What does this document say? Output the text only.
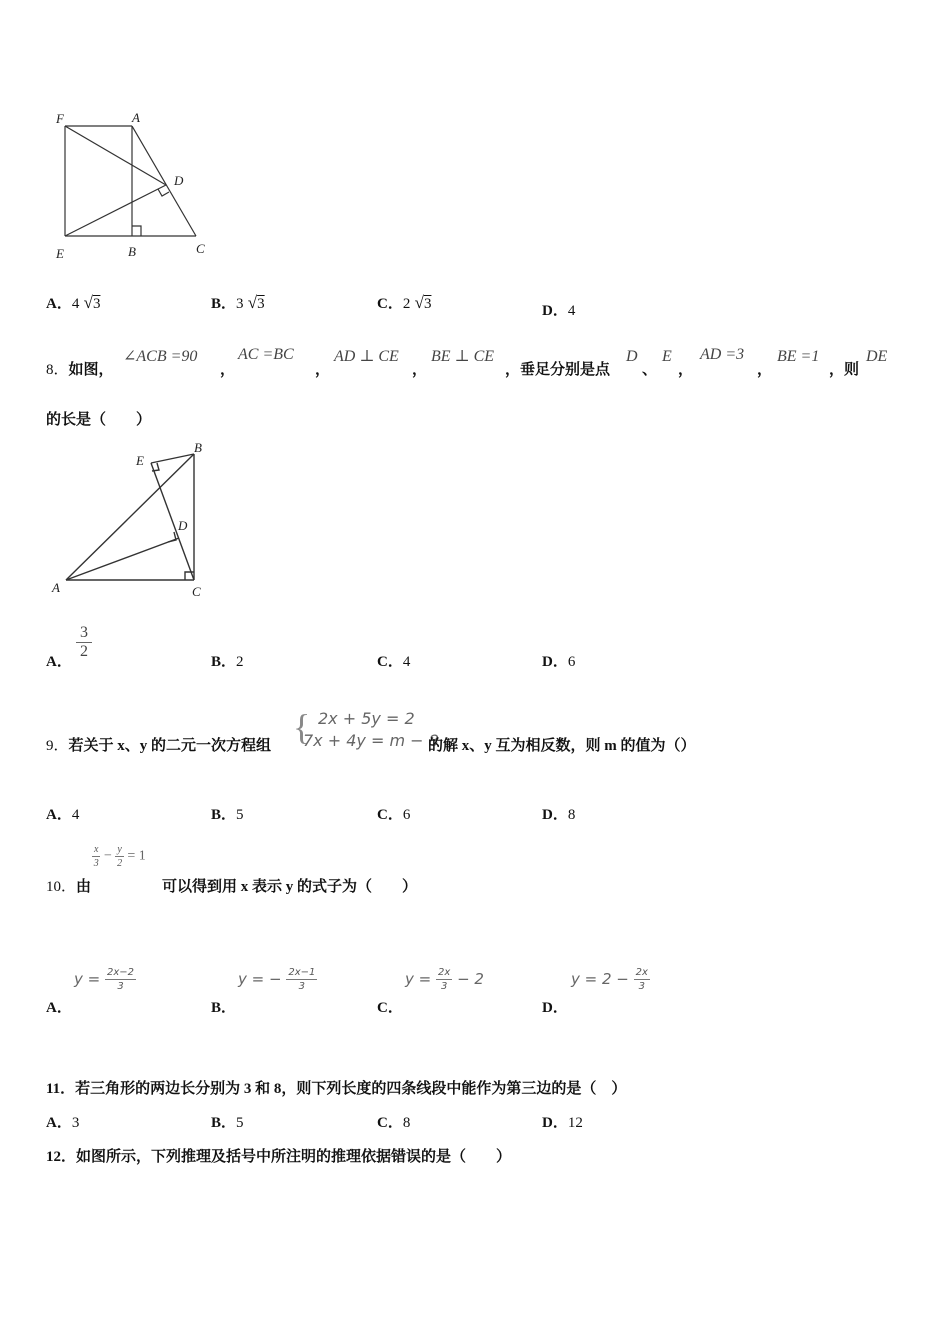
F	A
D
E	B	C
A．4 √3	B．3 √3	C．2 √3	D．4
8．如图，
∠ACB =90
，
AC =BC
，
AD ⊥ CE
，
BE ⊥ CE
，垂足分别是点
D
、
E
，
AD =3
，
BE =1
，则
DE
的长是（　　）
E
B
D
A	C
A．
3
2
B．2	C．4	D．6
9．若关于 x、y 的二元一次方程组 { 2x + 5y = 2
7x + 4y = m − 8
的解 x、y 互为相反数，则 m 的值为（）
A．4	B．5	C．6	D．8
$\frac{x}{3} - \frac{y}{2} = 1$
10．由	可以得到用 x 表示 y 的式子为（　　）
A．
$y = \frac{2x-2}{3}$
B．
y = − $\frac{2x-1}{3}$
C．
$y = \frac{2x}{3} - 2$
D．
$y = 2 - \frac{2x}{3}$
11．若三角形的两边长分别为 3 和 8，则下列长度的四条线段中能作为第三边的是（　）
A．3	B．5	C．8	D．12
12．如图所示，下列推理及括号中所注明的推理依据错误的是（　　）
